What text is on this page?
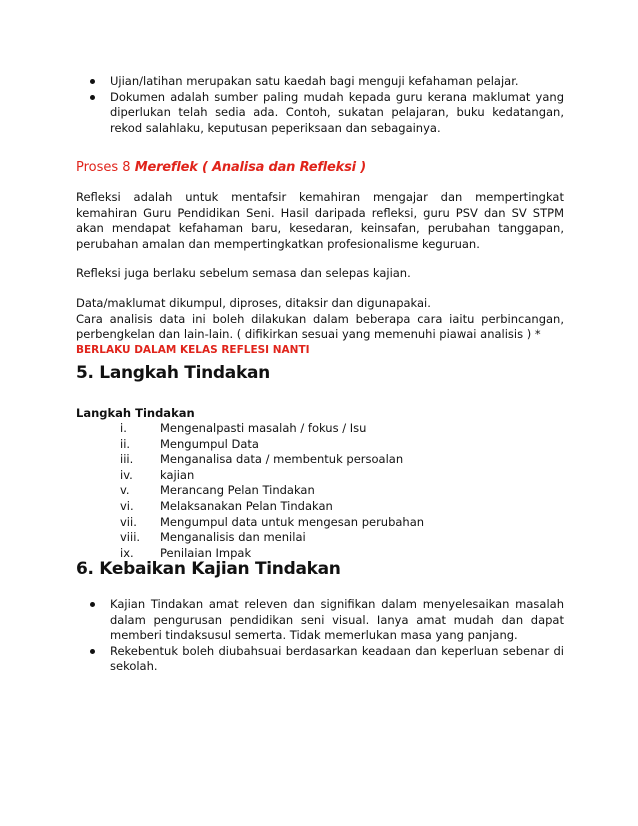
Ujian/latihan merupakan satu kaedah bagi menguji kefahaman pelajar.
Dokumen adalah sumber paling mudah kepada guru kerana maklumat yang diperlukan telah sedia ada. Contoh, sukatan pelajaran, buku kedatangan, rekod salahlaku, keputusan peperiksaan dan sebagainya.
Proses 8 Mereflek ( Analisa dan Refleksi )

Refleksi adalah untuk mentafsir kemahiran mengajar dan mempertingkat kemahiran Guru Pendidikan Seni. Hasil daripada refleksi, guru PSV dan SV STPM akan mendapat kefahaman baru, kesedaran, keinsafan, perubahan tanggapan, perubahan amalan dan mempertingkatkan profesionalisme keguruan.

Refleksi juga berlaku sebelum semasa dan selepas kajian.

Data/maklumat dikumpul, diproses, ditaksir dan digunapakai.
Cara analisis data ini boleh dilakukan dalam beberapa cara iaitu perbincangan, perbengkelan dan lain-lain. ( difikirkan sesuai yang memenuhi piawai analisis ) *
BERLAKU DALAM KELAS REFLESI NANTI
5. Langkah Tindakan
Langkah Tindakan
i.	Mengenalpasti masalah / fokus / Isu
ii.	Mengumpul Data
iii. Menganalisa data / membentuk persoalan
iv. kajian
v.	Merancang Pelan Tindakan
vi. Melaksanakan Pelan Tindakan
vii. Mengumpul data untuk mengesan perubahan
viii. Menganalisis dan menilai
ix. Penilaian Impak
6. Kebaikan Kajian Tindakan
Kajian Tindakan amat releven dan signifikan dalam menyelesaikan masalah dalam pengurusan pendidikan seni visual. Ianya amat mudah dan dapat memberi tindaksusul semerta. Tidak memerlukan masa yang panjang.
Rekebentuk boleh diubahsuai berdasarkan keadaan dan keperluan sebenar di sekolah.
